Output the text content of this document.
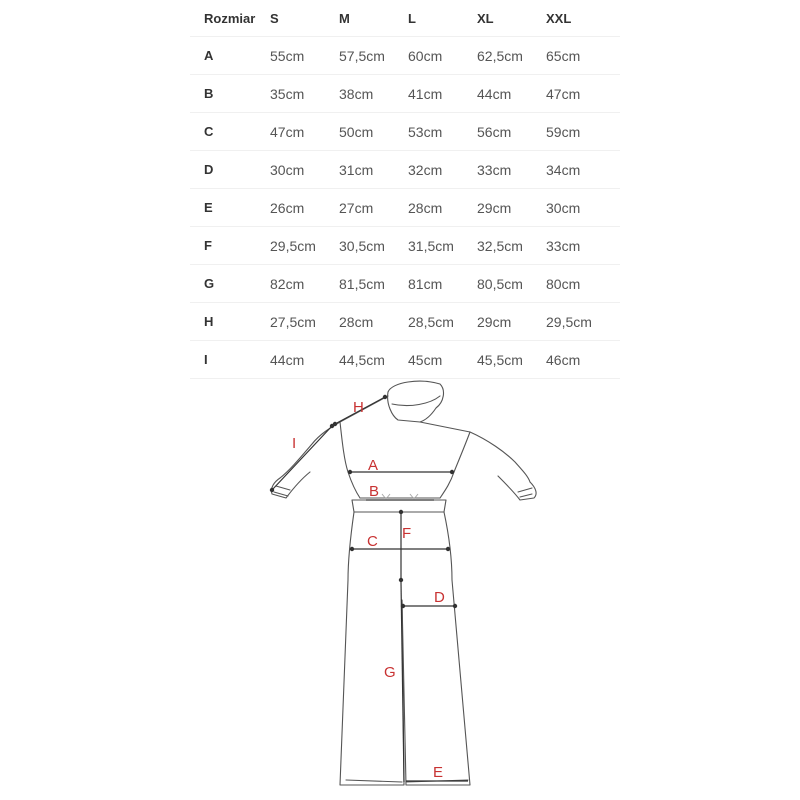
Rozmiar	S	M	L	XL	XXL
A	55cm	57,5cm	60cm	62,5cm	65cm
B	35cm	38cm	41cm	44cm	47cm
C	47cm	50cm	53cm	56cm	59cm
D	30cm	31cm	32cm	33cm	34cm
E	26cm	27cm	28cm	29cm	30cm
F	29,5cm	30,5cm	31,5cm	32,5cm	33cm
G	82cm	81,5cm	81cm	80,5cm	80cm
H	27,5cm	28cm	28,5cm	29cm	29,5cm
I	44cm	44,5cm	45cm	45,5cm	46cm
H
I
A
B
C F
D
G
E
